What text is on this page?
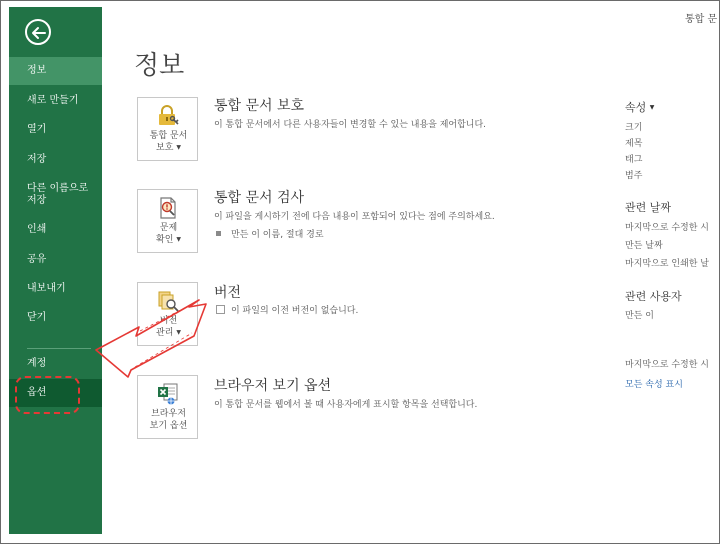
정보
새로 만들기
열기
저장
다른 이름으로
저장
인쇄
공유
내보내기
닫기
계정
옵션
통합 문
정보
통합 문서
보호 ▼
통합 문서 보호
이 통합 문서에서 다른 사용자들이 변경할 수 있는 내용을 제어합니다.
문제
확인 ▼
통합 문서 검사
이 파일을 게시하기 전에 다음 내용이 포함되어 있다는 점에 주의하세요.
만든 이 이름, 절대 경로
버전
관리 ▼
버전
이 파일의 이전 버전이 없습니다.
브라우저
보기 옵션
브라우저 보기 옵션
이 통합 문서를 웹에서 볼 때 사용자에게 표시할 항목을 선택합니다.
속성 ▼
크기
제목
태그
범주
관련 날짜
마지막으로 수정한 시
만든 날짜
마지막으로 인쇄한 날
관련 사용자
만든 이
마지막으로 수정한 시
모든 속성 표시
